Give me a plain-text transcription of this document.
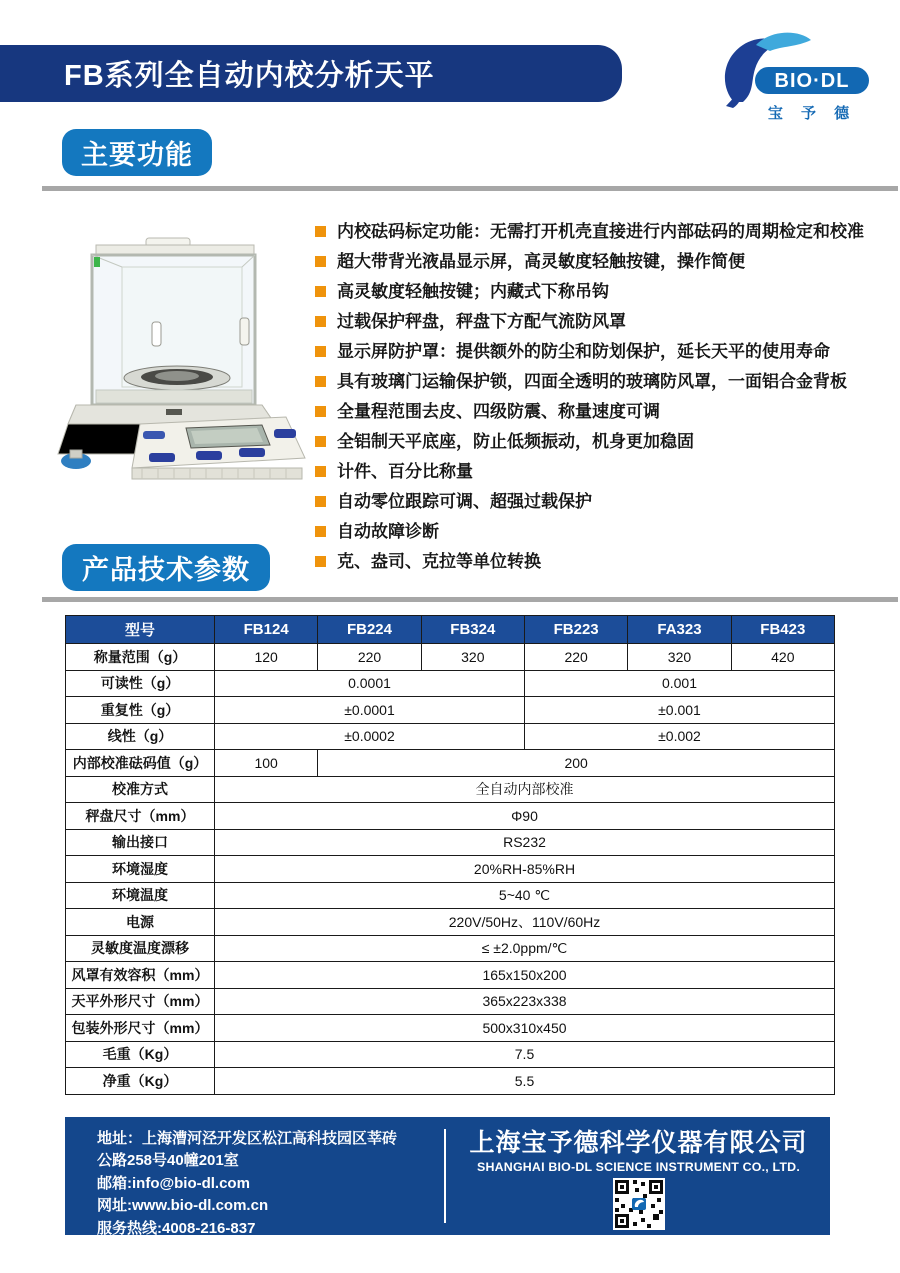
FB系列全自动内校分析天平	BIO·DL
宝 予 德
主要功能
内校砝码标定功能：无需打开机壳直接进行内部砝码的周期检定和校准
超大带背光液晶显示屏，高灵敏度轻触按键，操作简便
高灵敏度轻触按键；内藏式下称吊钩
过载保护秤盘，秤盘下方配气流防风罩
显示屏防护罩：提供额外的防尘和防划保护，延长天平的使用寿命
具有玻璃门运输保护锁，四面全透明的玻璃防风罩，一面铝合金背板
全量程范围去皮、四级防震、称量速度可调
全铝制天平底座，防止低频振动，机身更加稳固
计件、百分比称量
自动零位跟踪可调、超强过载保护
自动故障诊断
克、盎司、克拉等单位转换
产品技术参数
型号	FB124	FB224	FB324	FB223	FA323	FB423
称量范围（g）	120	220	320	220	320	420
可读性（g）	0.0001			0.001		
重复性（g）	±0.0001			±0.001		
线性（g）	±0.0002			±0.002		
内部校准砝码值（g）	100	200				
校准方式	全自动内部校准					
秤盘尺寸（mm）	Φ90					
输出接口	RS232					
环境湿度	20%RH-85%RH					
环境温度	5~40 ℃					
电源	220V/50Hz、110V/60Hz					
灵敏度温度漂移	≤ ±2.0ppm/℃					
风罩有效容积（mm）	165x150x200					
天平外形尺寸（mm）	365x223x338					
包装外形尺寸（mm）	500x310x450					
毛重（Kg）	7.5					
净重（Kg）	5.5					
地址：上海漕河泾开发区松江高科技园区莘砖
公路258号40幢201室
邮箱:info@bio-dl.com
网址:www.bio-dl.com.cn
服务热线:4008-216-837
上海宝予德科学仪器有限公司
SHANGHAI BIO-DL SCIENCE INSTRUMENT CO., LTD.
